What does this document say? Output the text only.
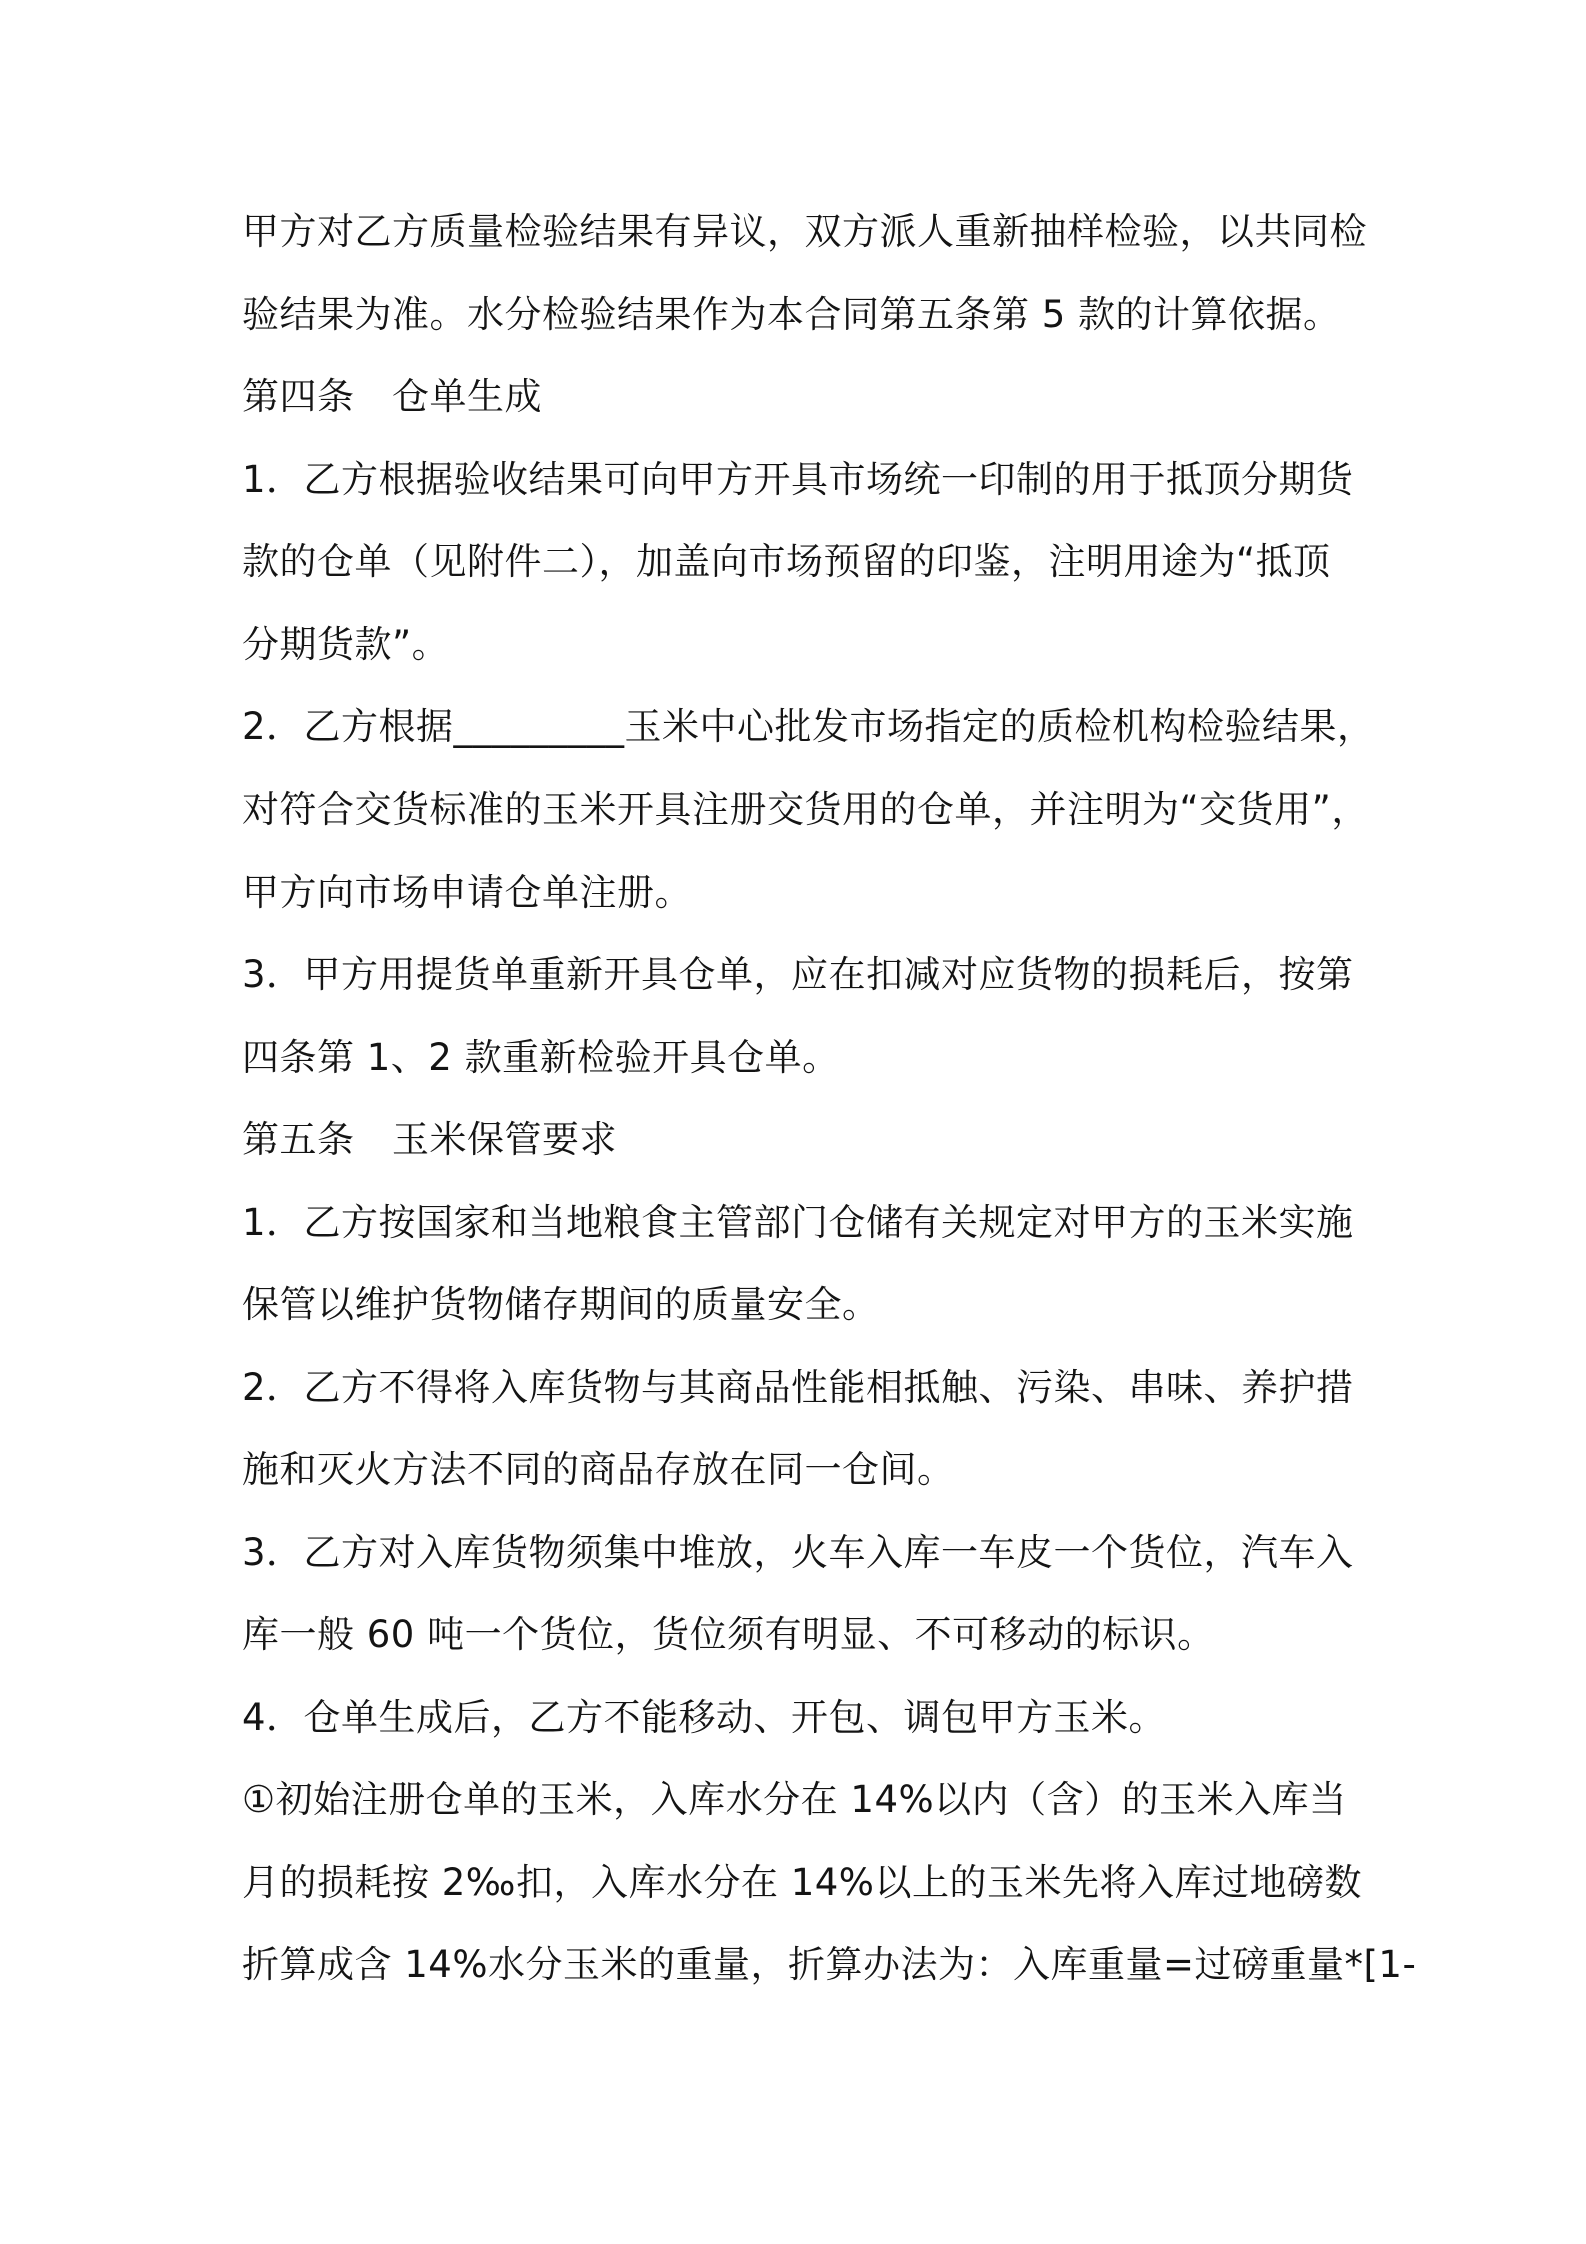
甲方对乙方质量检验结果有异议，双方派人重新抽样检验，以共同检
验结果为准。水分检验结果作为本合同第五条第 5 款的计算依据。
第四条　仓单生成
1．乙方根据验收结果可向甲方开具市场统一印制的用于抵顶分期货
款的仓单（见附件二），加盖向市场预留的印鉴，注明用途为“抵顶
分期货款”。
2．乙方根据_________玉米中心批发市场指定的质检机构检验结果，
对符合交货标准的玉米开具注册交货用的仓单，并注明为“交货用”，
甲方向市场申请仓单注册。
3．甲方用提货单重新开具仓单，应在扣减对应货物的损耗后，按第
四条第 1、2 款重新检验开具仓单。
第五条　玉米保管要求
1．乙方按国家和当地粮食主管部门仓储有关规定对甲方的玉米实施
保管以维护货物储存期间的质量安全。
2．乙方不得将入库货物与其商品性能相抵触、污染、串味、养护措
施和灭火方法不同的商品存放在同一仓间。
3．乙方对入库货物须集中堆放，火车入库一车皮一个货位，汽车入
库一般 60 吨一个货位，货位须有明显、不可移动的标识。
4．仓单生成后，乙方不能移动、开包、调包甲方玉米。
①初始注册仓单的玉米，入库水分在 14%以内（含）的玉米入库当
月的损耗按 2‰扣，入库水分在 14%以上的玉米先将入库过地磅数
折算成含 14%水分玉米的重量，折算办法为：入库重量=过磅重量*[1-
